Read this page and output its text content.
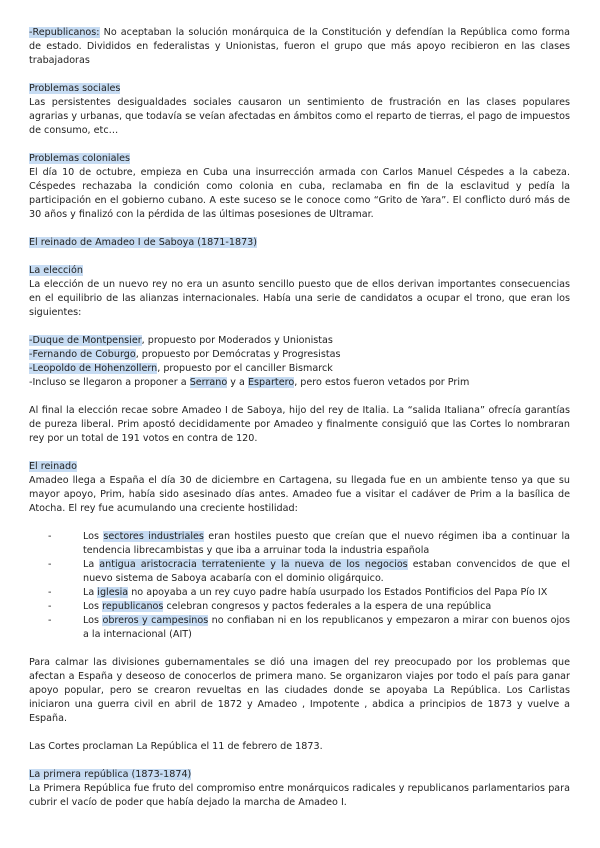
-Republicanos: No aceptaban la solución monárquica de la Constitución y defendían la República como forma de estado. Divididos en federalistas y Unionistas, fueron el grupo que más apoyo recibieron en las clases trabajadoras

Problemas sociales

Las persistentes desigualdades sociales causaron un sentimiento de frustración en las clases populares agrarias y urbanas, que todavía se veían afectadas en ámbitos como el reparto de tierras, el pago de impuestos de consumo, etc…

Problemas coloniales

El día 10 de octubre, empieza en Cuba una insurrección armada con Carlos Manuel Céspedes a la cabeza. Céspedes rechazaba la condición como colonia en cuba, reclamaba en fin de la esclavitud y pedía la participación en el gobierno cubano. A este suceso se le conoce como “Grito de Yara”. El conflicto duró más de 30 años y finalizó con la pérdida de las últimas posesiones de Ultramar.

El reinado de Amadeo I de Saboya (1871-1873)

La elección

La elección de un nuevo rey no era un asunto sencillo puesto que de ellos derivan importantes consecuencias en el equilibrio de las alianzas internacionales. Había una serie de candidatos a ocupar el trono, que eran los siguientes:

-Duque de Montpensier, propuesto por Moderados y Unionistas

-Fernando de Coburgo, propuesto por Demócratas y Progresistas

-Leopoldo de Hohenzollern, propuesto por el canciller Bismarck

-Incluso se llegaron a proponer a Serrano y a Espartero, pero estos fueron vetados por Prim

Al final la elección recae sobre Amadeo I de Saboya, hijo del rey de Italia. La “salida Italiana” ofrecía garantías de pureza liberal. Prim apostó decididamente por Amadeo y finalmente consiguió que las Cortes lo nombraran rey por un total de 191 votos en contra de 120.

El reinado

Amadeo llega a España el día 30 de diciembre en Cartagena, su llegada fue en un ambiente tenso ya que su mayor apoyo, Prim, había sido asesinado días antes. Amadeo fue a visitar el cadáver de Prim a la basílica de Atocha. El rey fue acumulando una creciente hostilidad:

- Los sectores industriales eran hostiles puesto que creían que el nuevo régimen iba a continuar la tendencia librecambistas y que iba a arruinar toda la industria española
- La antigua aristocracia terrateniente y la nueva de los negocios estaban convencidos de que el nuevo sistema de Saboya acabaría con el dominio oligárquico.
- La iglesia no apoyaba a un rey cuyo padre había usurpado los Estados Pontificios del Papa Pío IX
- Los republicanos celebran congresos y pactos federales a la espera de una república
- Los obreros y campesinos no confiaban ni en los republicanos y empezaron a mirar con buenos ojos a la internacional (AIT)

Para calmar las divisiones gubernamentales se dió una imagen del rey preocupado por los problemas que afectan a España y deseoso de conocerlos de primera mano. Se organizaron viajes por todo el país para ganar apoyo popular, pero se crearon revueltas en las ciudades donde se apoyaba La República. Los Carlistas iniciaron una guerra civil en abril de 1872 y Amadeo , Impotente , abdica a principios de 1873 y vuelve a España.

Las Cortes proclaman La República el 11 de febrero de 1873.

La primera república (1873-1874)

La Primera República fue fruto del compromiso entre monárquicos radicales y republicanos parlamentarios para cubrir el vacío de poder que había dejado la marcha de Amadeo I.
